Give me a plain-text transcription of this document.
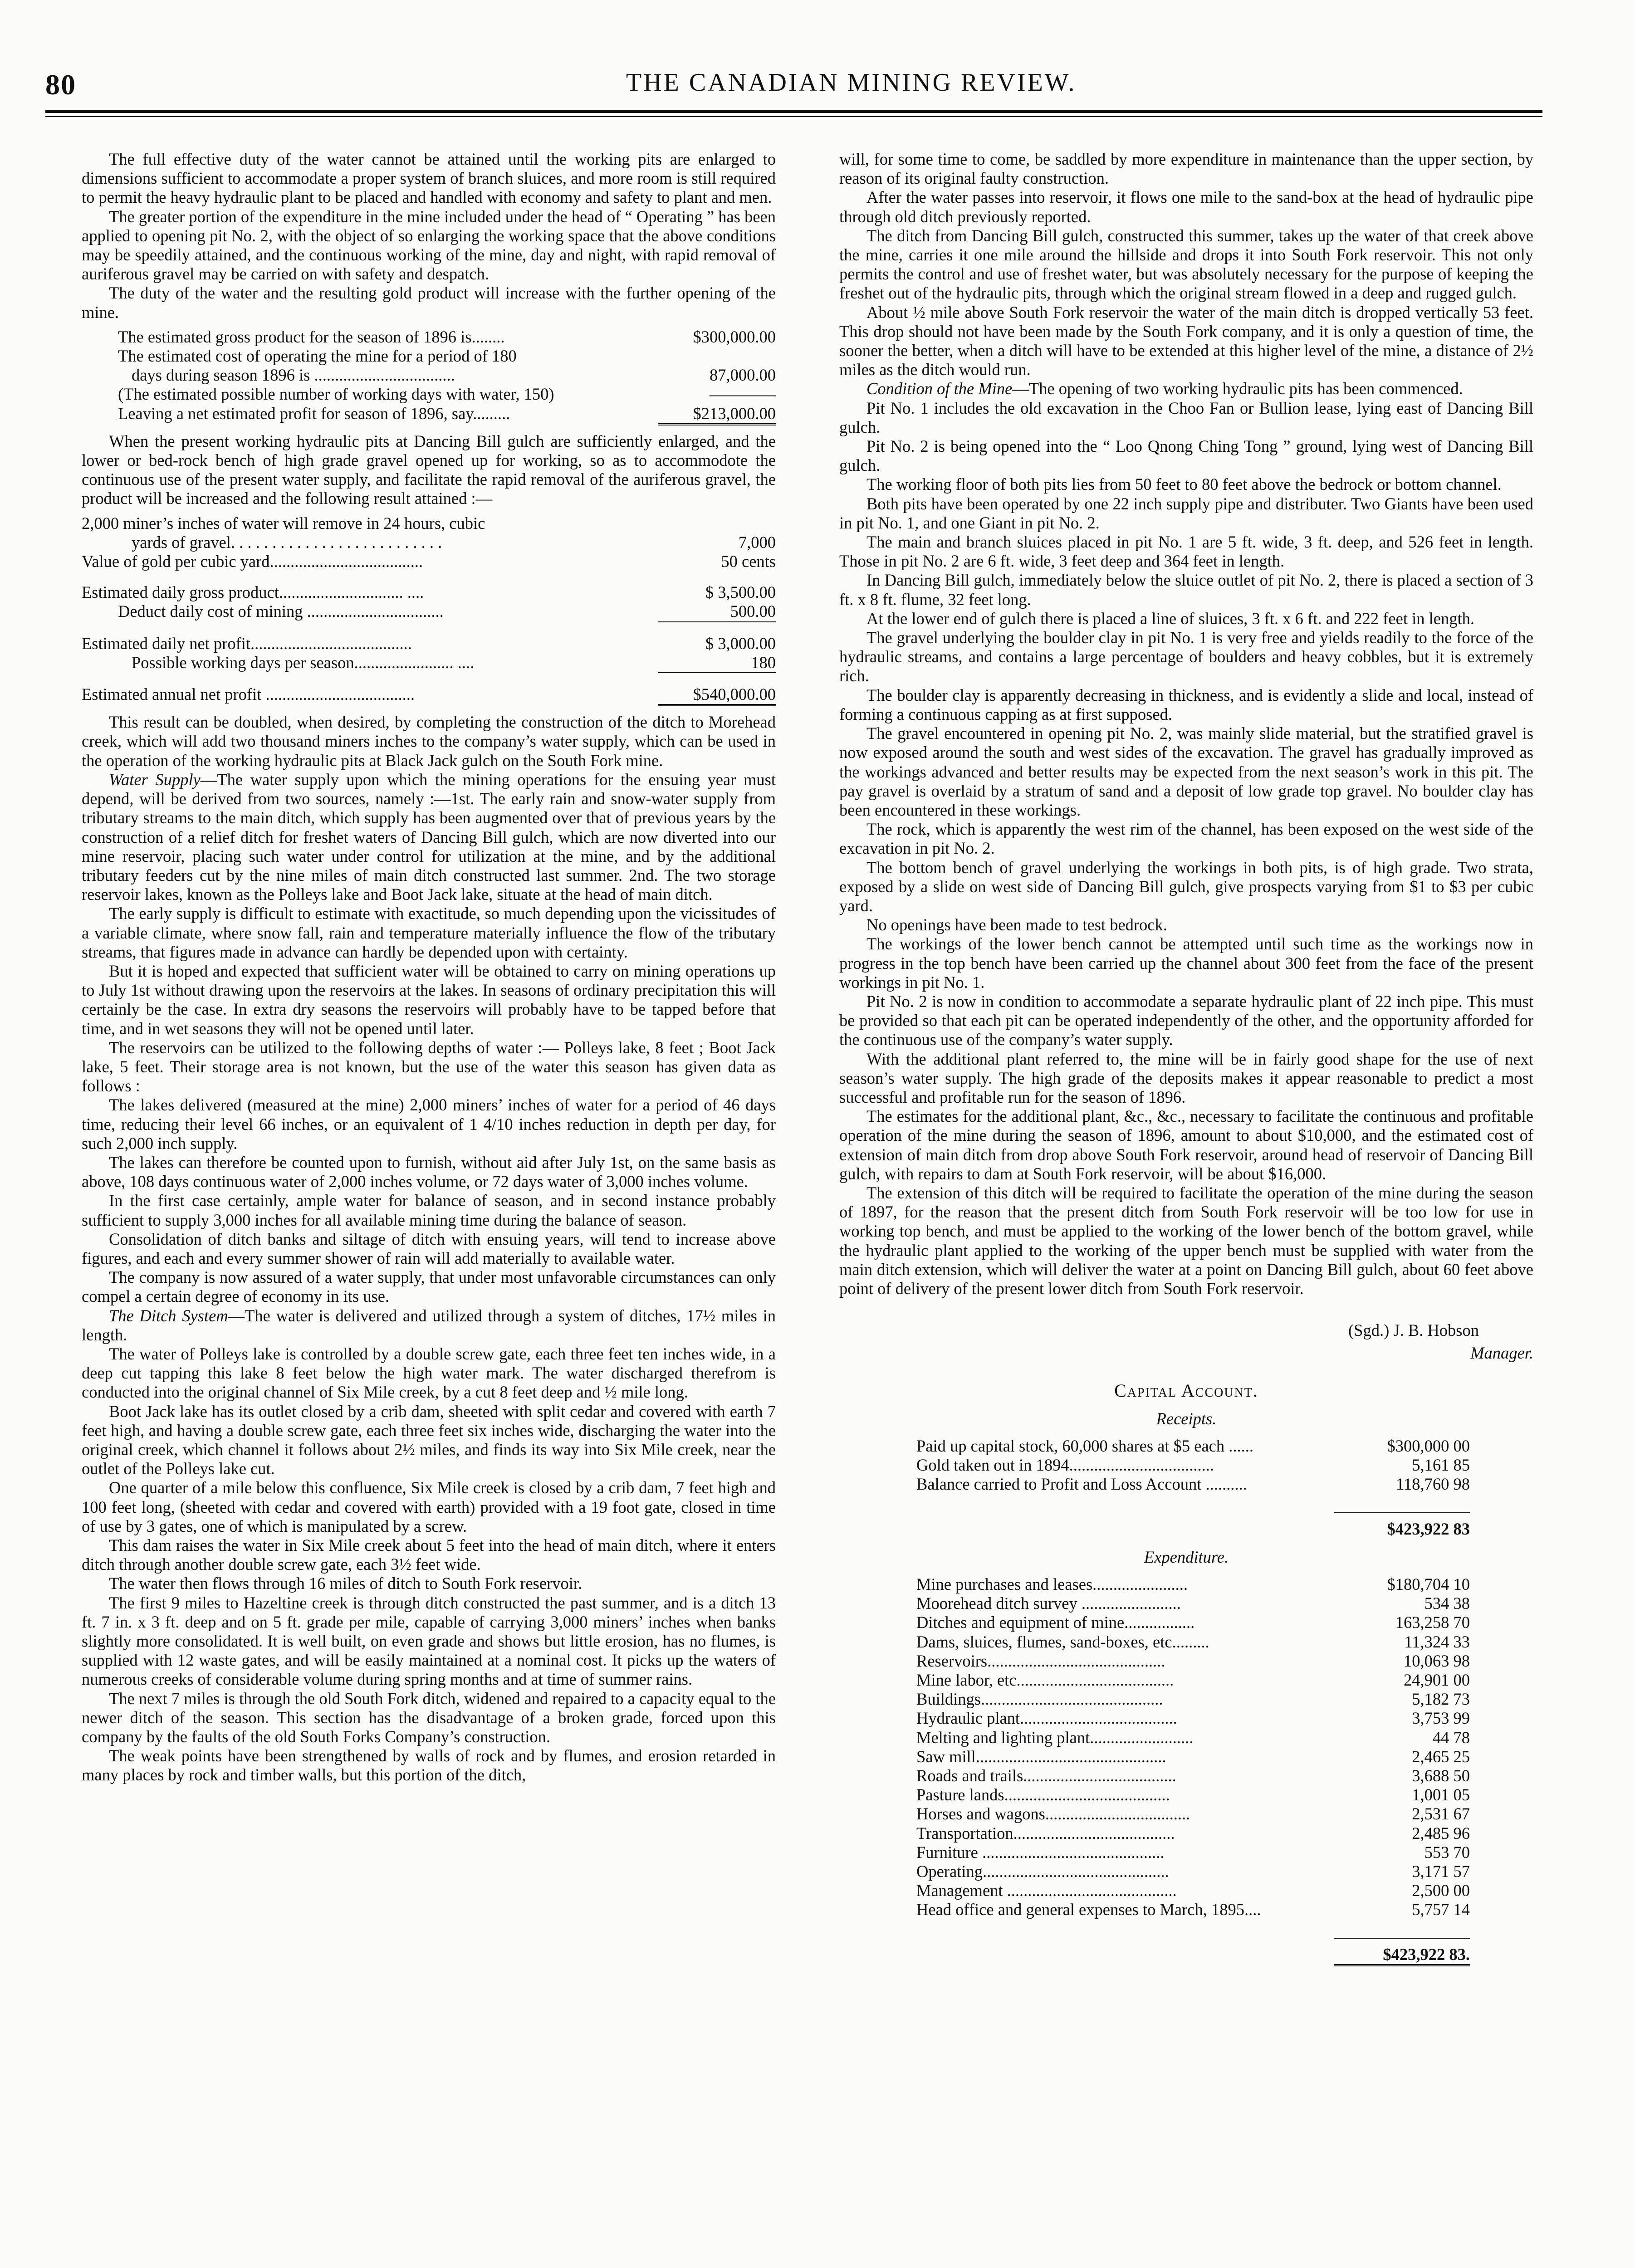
80	THE CANADIAN MINING REVIEW.

The full effective duty of the water cannot be attained until the working pits are enlarged to dimensions sufficient to accommodate a proper system of branch sluices, and more room is still required to permit the heavy hydraulic plant to be placed and handled with economy and safety to plant and men.

The greater portion of the expenditure in the mine included under the head of “ Operating ” has been applied to opening pit No. 2, with the object of so enlarging the working space that the above conditions may be speedily attained, and the continuous working of the mine, day and night, with rapid removal of auriferous gravel may be carried on with safety and despatch.

The duty of the water and the resulting gold product will increase with the further opening of the mine.

The estimated gross product for the season of 1896 is........	$300,000.00
The estimated cost of operating the mine for a period of 180
days during season 1896 is ..................................	87,000.00
(The estimated possible number of working days with water, 150)	————
Leaving a net estimated profit for season of 1896, say.........	$213,000.00

When the present working hydraulic pits at Dancing Bill gulch are sufficiently enlarged, and the lower or bed-rock bench of high grade gravel opened up for working, so as to accommodote the continuous use of the present water supply, and facilitate the rapid removal of the auriferous gravel, the product will be increased and the following result attained :—

2,000 miner’s inches of water will remove in 24 hours, cubic
yards of gravel. . . . . . . . . . . . . . . . . . . . . . . . . .	7,000
Value of gold per cubic yard.....................................	50 cents
Estimated daily gross product.............................. ....	$ 3,500.00
Deduct daily cost of mining .................................	500.00
Estimated daily net profit.......................................	$ 3,000.00
Possible working days per season........................ ....	180
Estimated annual net profit ....................................	$540,000.00

This result can be doubled, when desired, by completing the construction of the ditch to Morehead creek, which will add two thousand miners inches to the company’s water supply, which can be used in the operation of the working hydraulic pits at Black Jack gulch on the South Fork mine.

Water Supply—The water supply upon which the mining operations for the ensuing year must depend, will be derived from two sources, namely :—1st. The early rain and snow-water supply from tributary streams to the main ditch, which supply has been augmented over that of previous years by the construction of a relief ditch for freshet waters of Dancing Bill gulch, which are now diverted into our mine reservoir, placing such water under control for utilization at the mine, and by the additional tributary feeders cut by the nine miles of main ditch constructed last summer. 2nd. The two storage reservoir lakes, known as the Polleys lake and Boot Jack lake, situate at the head of main ditch.

The early supply is difficult to estimate with exactitude, so much depending upon the vicissitudes of a variable climate, where snow fall, rain and temperature materially influence the flow of the tributary streams, that figures made in advance can hardly be depended upon with certainty.

But it is hoped and expected that sufficient water will be obtained to carry on mining operations up to July 1st without drawing upon the reservoirs at the lakes. In seasons of ordinary precipitation this will certainly be the case. In extra dry seasons the reservoirs will probably have to be tapped before that time, and in wet seasons they will not be opened until later.

The reservoirs can be utilized to the following depths of water :— Polleys lake, 8 feet ; Boot Jack lake, 5 feet. Their storage area is not known, but the use of the water this season has given data as follows :

The lakes delivered (measured at the mine) 2,000 miners’ inches of water for a period of 46 days time, reducing their level 66 inches, or an equivalent of 1 4/10 inches reduction in depth per day, for such 2,000 inch supply.

The lakes can therefore be counted upon to furnish, without aid after July 1st, on the same basis as above, 108 days continuous water of 2,000 inches volume, or 72 days water of 3,000 inches volume.

In the first case certainly, ample water for balance of season, and in second instance probably sufficient to supply 3,000 inches for all available mining time during the balance of season.

Consolidation of ditch banks and siltage of ditch with ensuing years, will tend to increase above figures, and each and every summer shower of rain will add materially to available water.

The company is now assured of a water supply, that under most unfavorable circumstances can only compel a certain degree of economy in its use.

The Ditch System—The water is delivered and utilized through a system of ditches, 17½ miles in length.

The water of Polleys lake is controlled by a double screw gate, each three feet ten inches wide, in a deep cut tapping this lake 8 feet below the high water mark. The water discharged therefrom is conducted into the original channel of Six Mile creek, by a cut 8 feet deep and ½ mile long.

Boot Jack lake has its outlet closed by a crib dam, sheeted with split cedar and covered with earth 7 feet high, and having a double screw gate, each three feet six inches wide, discharging the water into the original creek, which channel it follows about 2½ miles, and finds its way into Six Mile creek, near the outlet of the Polleys lake cut.

One quarter of a mile below this confluence, Six Mile creek is closed by a crib dam, 7 feet high and 100 feet long, (sheeted with cedar and covered with earth) provided with a 19 foot gate, closed in time of use by 3 gates, one of which is manipulated by a screw.

This dam raises the water in Six Mile creek about 5 feet into the head of main ditch, where it enters ditch through another double screw gate, each 3½ feet wide.

The water then flows through 16 miles of ditch to South Fork reservoir.

The first 9 miles to Hazeltine creek is through ditch constructed the past summer, and is a ditch 13 ft. 7 in. x 3 ft. deep and on 5 ft. grade per mile, capable of carrying 3,000 miners’ inches when banks slightly more consolidated. It is well built, on even grade and shows but little erosion, has no flumes, is supplied with 12 waste gates, and will be easily maintained at a nominal cost. It picks up the waters of numerous creeks of considerable volume during spring months and at time of summer rains.

The next 7 miles is through the old South Fork ditch, widened and repaired to a capacity equal to the newer ditch of the season. This section has the disadvantage of a broken grade, forced upon this company by the faults of the old South Forks Company’s construction.

The weak points have been strengthened by walls of rock and by flumes, and erosion retarded in many places by rock and timber walls, but this portion of the ditch,

will, for some time to come, be saddled by more expenditure in maintenance than the upper section, by reason of its original faulty construction.

After the water passes into reservoir, it flows one mile to the sand-box at the head of hydraulic pipe through old ditch previously reported.

The ditch from Dancing Bill gulch, constructed this summer, takes up the water of that creek above the mine, carries it one mile around the hillside and drops it into South Fork reservoir. This not only permits the control and use of freshet water, but was absolutely necessary for the purpose of keeping the freshet out of the hydraulic pits, through which the original stream flowed in a deep and rugged gulch.

About ½ mile above South Fork reservoir the water of the main ditch is dropped vertically 53 feet. This drop should not have been made by the South Fork company, and it is only a question of time, the sooner the better, when a ditch will have to be extended at this higher level of the mine, a distance of 2½ miles as the ditch would run.

Condition of the Mine—The opening of two working hydraulic pits has been commenced.

Pit No. 1 includes the old excavation in the Choo Fan or Bullion lease, lying east of Dancing Bill gulch.

Pit No. 2 is being opened into the “ Loo Qnong Ching Tong ” ground, lying west of Dancing Bill gulch.

The working floor of both pits lies from 50 feet to 80 feet above the bedrock or bottom channel.

Both pits have been operated by one 22 inch supply pipe and distributer. Two Giants have been used in pit No. 1, and one Giant in pit No. 2.

The main and branch sluices placed in pit No. 1 are 5 ft. wide, 3 ft. deep, and 526 feet in length. Those in pit No. 2 are 6 ft. wide, 3 feet deep and 364 feet in length.

In Dancing Bill gulch, immediately below the sluice outlet of pit No. 2, there is placed a section of 3 ft. x 8 ft. flume, 32 feet long.

At the lower end of gulch there is placed a line of sluices, 3 ft. x 6 ft. and 222 feet in length.

The gravel underlying the boulder clay in pit No. 1 is very free and yields readily to the force of the hydraulic streams, and contains a large percentage of boulders and heavy cobbles, but it is extremely rich.

The boulder clay is apparently decreasing in thickness, and is evidently a slide and local, instead of forming a continuous capping as at first supposed.

The gravel encountered in opening pit No. 2, was mainly slide material, but the stratified gravel is now exposed around the south and west sides of the excavation. The gravel has gradually improved as the workings advanced and better results may be expected from the next season’s work in this pit. The pay gravel is overlaid by a stratum of sand and a deposit of low grade top gravel. No boulder clay has been encountered in these workings.

The rock, which is apparently the west rim of the channel, has been exposed on the west side of the excavation in pit No. 2.

The bottom bench of gravel underlying the workings in both pits, is of high grade. Two strata, exposed by a slide on west side of Dancing Bill gulch, give prospects varying from $1 to $3 per cubic yard.

No openings have been made to test bedrock.

The workings of the lower bench cannot be attempted until such time as the workings now in progress in the top bench have been carried up the channel about 300 feet from the face of the present workings in pit No. 1.

Pit No. 2 is now in condition to accommodate a separate hydraulic plant of 22 inch pipe. This must be provided so that each pit can be operated independently of the other, and the opportunity afforded for the continuous use of the company’s water supply.

With the additional plant referred to, the mine will be in fairly good shape for the use of next season’s water supply. The high grade of the deposits makes it appear reasonable to predict a most successful and profitable run for the season of 1896.

The estimates for the additional plant, &c., &c., necessary to facilitate the continuous and profitable operation of the mine during the season of 1896, amount to about $10,000, and the estimated cost of extension of main ditch from drop above South Fork reservoir, around head of reservoir of Dancing Bill gulch, with repairs to dam at South Fork reservoir, will be about $16,000.

The extension of this ditch will be required to facilitate the operation of the mine during the season of 1897, for the reason that the present ditch from South Fork reservoir will be too low for use in working top bench, and must be applied to the working of the lower bench of the bottom gravel, while the hydraulic plant applied to the working of the upper bench must be supplied with water from the main ditch extension, which will deliver the water at a point on Dancing Bill gulch, about 60 feet above point of delivery of the present lower ditch from South Fork reservoir.

(Sgd.) J. B. Hobson
Manager.
Capital Account.
Receipts.
Paid up capital stock, 60,000 shares at $5 each ......	$300,000 00
Gold taken out in 1894...................................	5,161 85
Balance carried to Profit and Loss Account ..........	118,760 98
$423,922 83
Expenditure.
Mine purchases and leases.......................	$180,704 10
Moorehead ditch survey ........................	534 38
Ditches and equipment of mine.................	163,258 70
Dams, sluices, flumes, sand-boxes, etc.........	11,324 33
Reservoirs...........................................	10,063 98
Mine labor, etc......................................	24,901 00
Buildings............................................	5,182 73
Hydraulic plant......................................	3,753 99
Melting and lighting plant.........................	44 78
Saw mill..............................................	2,465 25
Roads and trails.....................................	3,688 50
Pasture lands........................................	1,001 05
Horses and wagons...................................	2,531 67
Transportation.......................................	2,485 96
Furniture ............................................	553 70
Operating.............................................	3,171 57
Management .........................................	2,500 00
Head office and general expenses to March, 1895....	5,757 14
$423,922 83.
